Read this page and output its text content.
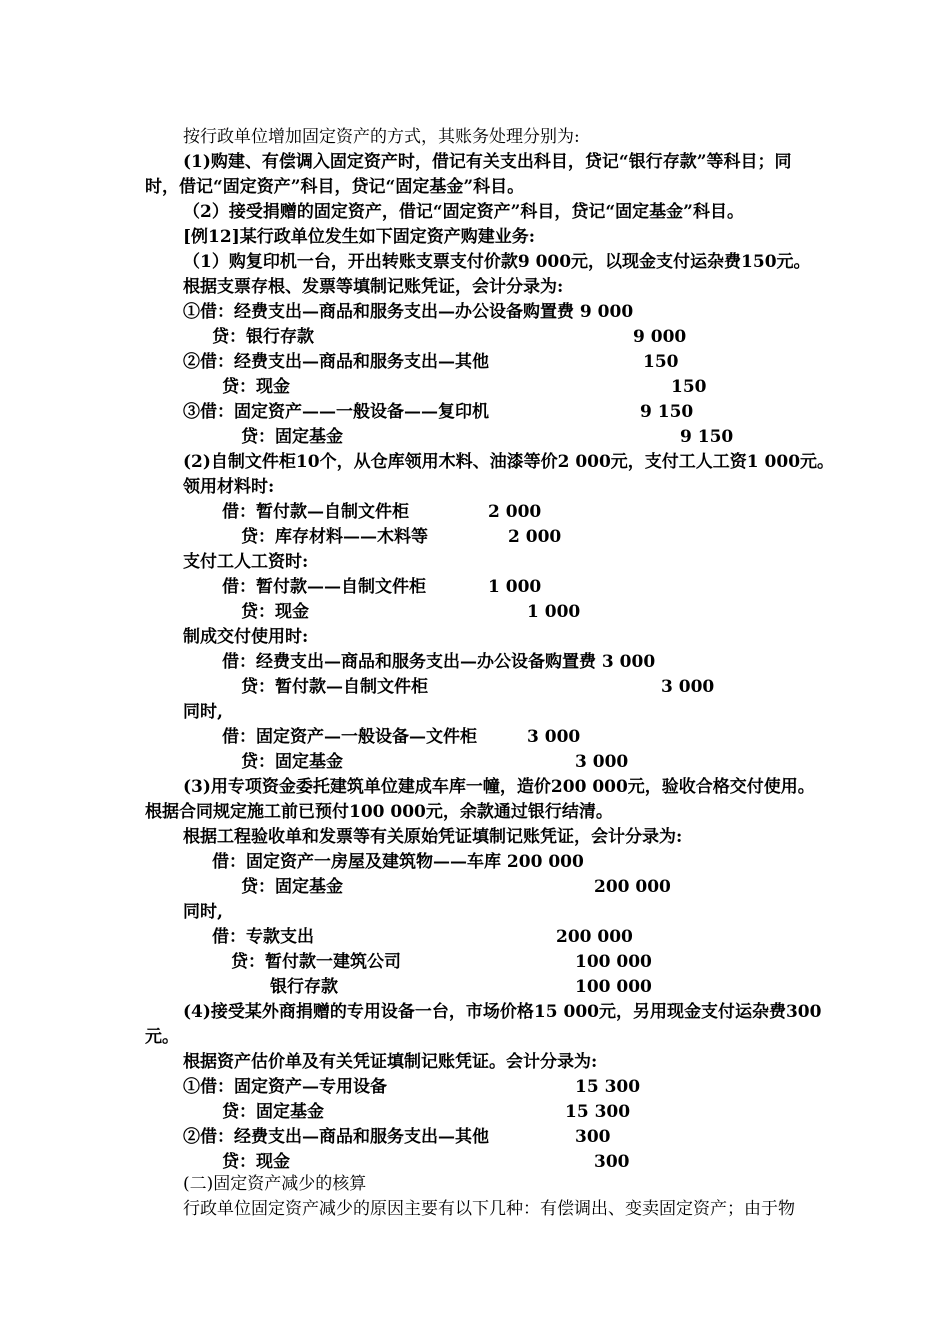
按行政单位增加固定资产的方式，其账务处理分别为:
(1)购建、有偿调入固定资产时，借记有关支出科目，贷记“银行存款”等科目；同
时，借记“固定资产”科目，贷记“固定基金”科目。
（2）接受捐赠的固定资产，借记“固定资产”科目，贷记“固定基金”科目。
[例12]某行政单位发生如下固定资产购建业务:
（1）购复印机一台，开出转账支票支付价款9 000元，以现金支付运杂费150元。
根据支票存根、发票等填制记账凭证，会计分录为:
①借：经费支出—商品和服务支出—办公设备购置费 9 000
贷：银行存款	9 000
②借：经费支出—商品和服务支出—其他	150
贷：现金	150
③借：固定资产——一般设备——复印机	9 150
贷：固定基金	9 150
(2)自制文件柜10个，从仓库领用木料、油漆等价2 000元，支付工人工资1 000元。
领用材料时:
借：暂付款—自制文件柜	2 000
贷：库存材料——木料等	2 000
支付工人工资时:
借：暂付款——自制文件柜	1 000
贷：现金	1 000
制成交付使用时:
借：经费支出—商品和服务支出—办公设备购置费 3 000
贷：暂付款—自制文件柜	3 000
同时,
借：固定资产—一般设备—文件柜	3 000
贷：固定基金	3 000
(3)用专项资金委托建筑单位建成车库一幢，造价200 000元，验收合格交付使用。
根据合同规定施工前已预付100 000元，余款通过银行结清。
根据工程验收单和发票等有关原始凭证填制记账凭证，会计分录为:
借：固定资产一房屋及建筑物——车库 200 000
贷：固定基金	200 000
同时,
借：专款支出	200 000
贷：暂付款一建筑公司	100 000
银行存款	100 000
(4)接受某外商捐赠的专用设备一台，市场价格15 000元，另用现金支付运杂费300
元。
根据资产估价单及有关凭证填制记账凭证。会计分录为:
①借：固定资产—专用设备	15 300
贷：固定基金	15 300
②借：经费支出—商品和服务支出—其他	300
贷：现金	300
(二)固定资产减少的核算
行政单位固定资产减少的原因主要有以下几种：有偿调出、变卖固定资产；由于物
